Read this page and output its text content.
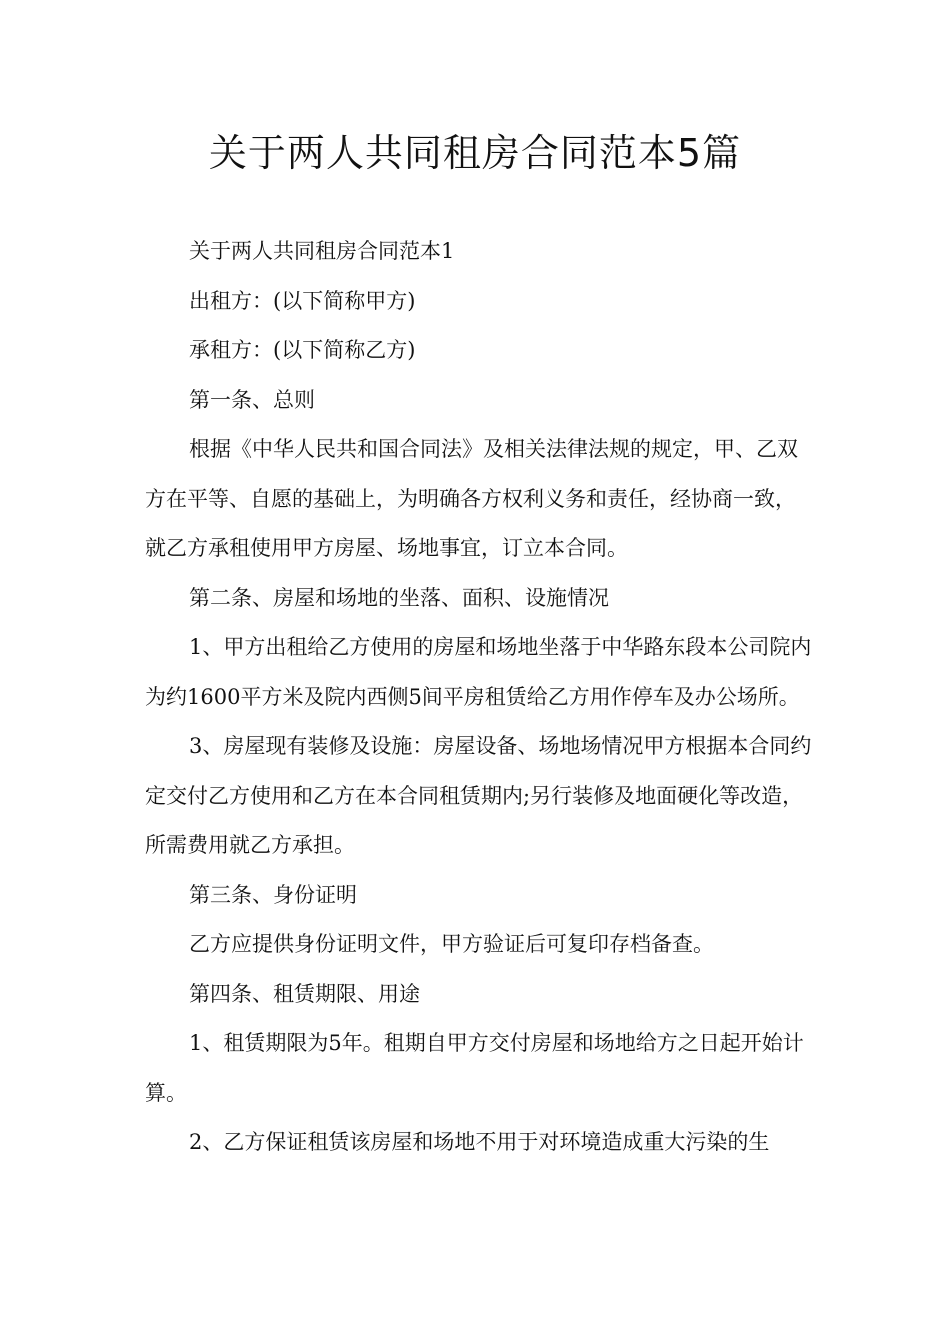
关于两人共同租房合同范本5篇

关于两人共同租房合同范本1

出租方：(以下简称甲方)

承租方：(以下简称乙方)

第一条、总则

根据《中华人民共和国合同法》及相关法律法规的规定，甲、乙双方在平等、自愿的基础上，为明确各方权利义务和责任，经协商一致，就乙方承租使用甲方房屋、场地事宜，订立本合同。

第二条、房屋和场地的坐落、面积、设施情况

1、甲方出租给乙方使用的房屋和场地坐落于中华路东段本公司院内为约1600平方米及院内西侧5间平房租赁给乙方用作停车及办公场所。

3、房屋现有装修及设施：房屋设备、场地场情况甲方根据本合同约定交付乙方使用和乙方在本合同租赁期内;另行装修及地面硬化等改造，所需费用就乙方承担。

第三条、身份证明

乙方应提供身份证明文件，甲方验证后可复印存档备查。

第四条、租赁期限、用途

1、租赁期限为5年。租期自甲方交付房屋和场地给方之日起开始计算。

2、乙方保证租赁该房屋和场地不用于对环境造成重大污染的生
